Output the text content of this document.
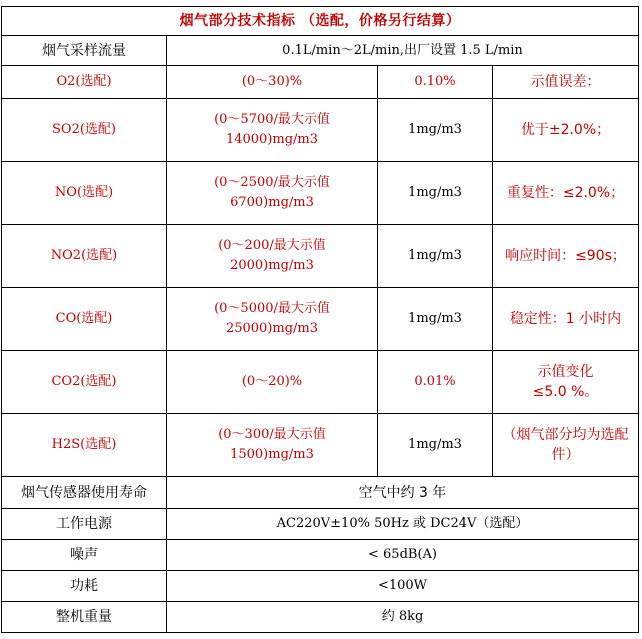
烟气部分技术指标 （选配，价格另行结算）			
烟气采样流量	0.1L/min～2L/min,出厂设置 1.5 L/min		
O2(选配)	(0～30)%	0.10%	示值误差：

SO2(选配)	(0～5700/最大示值
14000)mg/m3	1mg/m3	优于±2.0%；

NO(选配)	(0～2500/最大示值
6700)mg/m3	1mg/m3	重复性：≤2.0%；

NO2(选配)	(0～200/最大示值
2000)mg/m3	1mg/m3	响应时间：≤90s；

CO(选配)	(0～5000/最大示值
25000)mg/m3	1mg/m3	稳定性：1 小时内

CO2(选配)	(0～20)%	0.01%	示值变化
≤5.0 %。

H2S(选配)	(0～300/最大示值
1500)mg/m3	1mg/m3	（烟气部分均为选配
件）

烟气传感器使用寿命	空气中约 3 年		
工作电源	AC220V±10% 50Hz 或 DC24V（选配）		
噪声	< 65dB(A)		
功耗	<100W		
整机重量	约 8kg		
